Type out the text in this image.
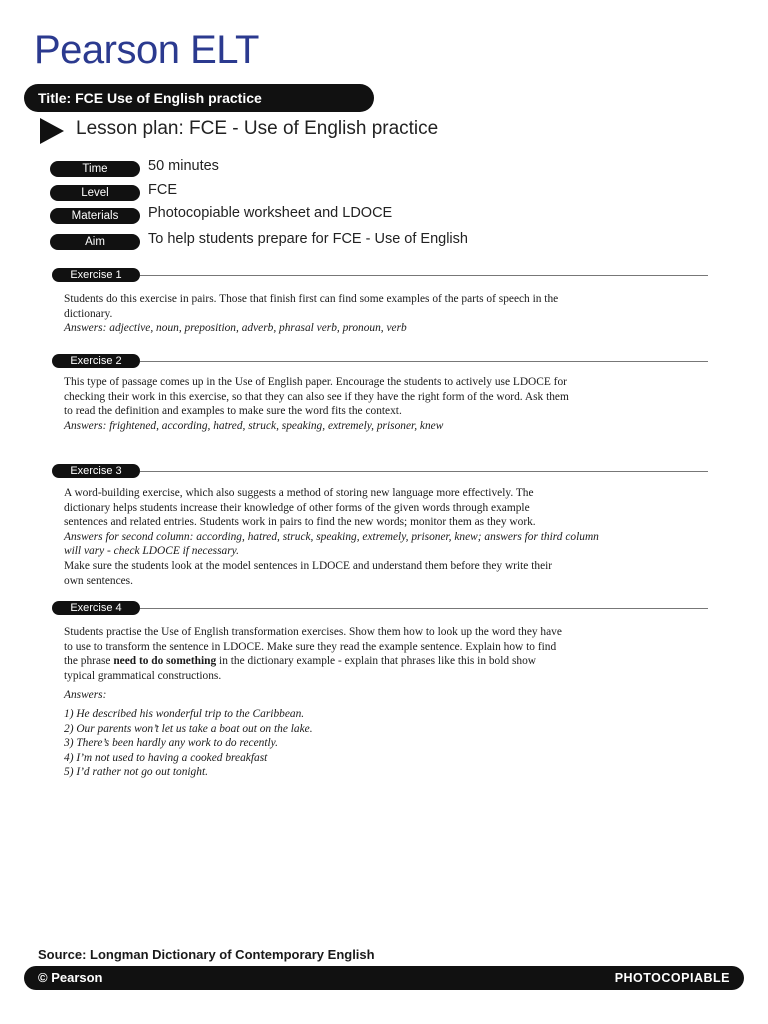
Pearson ELT
Title: FCE Use of English practice
Lesson plan: FCE - Use of English practice
Time	50 minutes
Level	FCE
Materials	Photocopiable worksheet and LDOCE
Aim	To help students prepare for FCE - Use of English
Exercise 1

Students do this exercise in pairs. Those that finish first can find some examples of the parts of speech in the

dictionary.

Answers: adjective, noun, preposition, adverb, phrasal verb, pronoun, verb

Exercise 2

This type of passage comes up in the Use of English paper. Encourage the students to actively use LDOCE for

checking their work in this exercise, so that they can also see if they have the right form of the word. Ask them

to read the definition and examples to make sure the word fits the context.

Answers: frightened, according, hatred, struck, speaking, extremely, prisoner, knew

Exercise 3

A word-building exercise, which also suggests a method of storing new language more effectively. The

dictionary helps students increase their knowledge of other forms of the given words through example

sentences and related entries. Students work in pairs to find the new words; monitor them as they work.

Answers for second column: according, hatred, struck, speaking, extremely, prisoner, knew; answers for third column

will vary - check LDOCE if necessary.

Make sure the students look at the model sentences in LDOCE and understand them before they write their

own sentences.

Exercise 4

Students practise the Use of English transformation exercises. Show them how to look up the word they have

to use to transform the sentence in LDOCE. Make sure they read the example sentence. Explain how to find

the phrase need to do something in the dictionary example - explain that phrases like this in bold show

typical grammatical constructions.

Answers:

1) He described his wonderful trip to the Caribbean.

2) Our parents won’t let us take a boat out on the lake.

3) There’s been hardly any work to do recently.

4) I’m not used to having a cooked breakfast

5) I’d rather not go out tonight.

Source: Longman Dictionary of Contemporary English
© Pearson	PHOTOCOPIABLE
